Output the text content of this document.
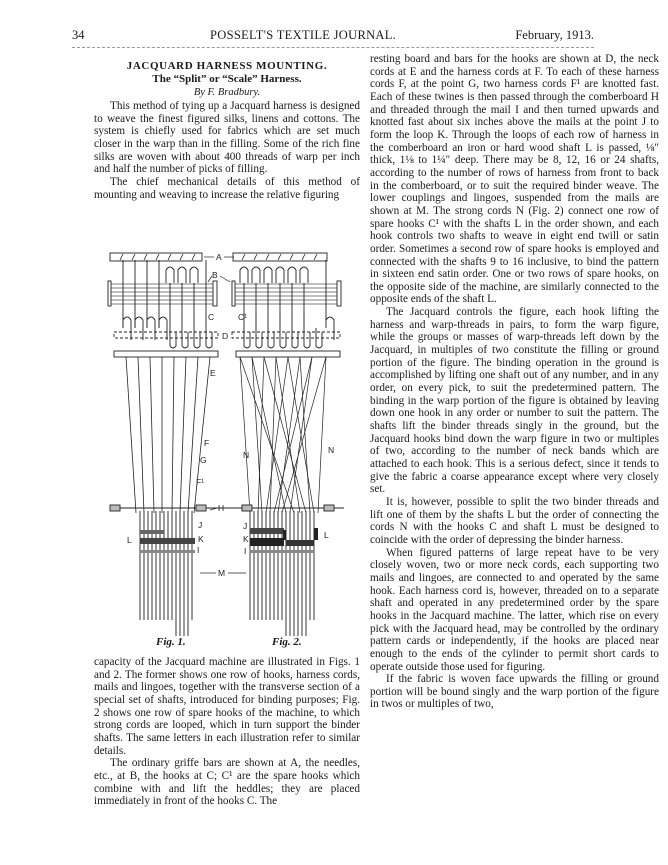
34	POSSELT'S TEXTILE JOURNAL.	February, 1913.

JACQUARD HARNESS MOUNTING.

The “Split” or “Scale” Harness.

By F. Bradbury.

This method of tying up a Jacquard harness is designed to weave the finest figured silks, linens and cottons. The system is chiefly used for fabrics which are set much closer in the warp than in the filling. Some of the rich fine silks are woven with about 400 threads of warp per inch and half the number of picks of filling.

The chief mechanical details of this method of mounting and weaving to increase the relative figuring

A
B
C	C¹
D
E
F
G
F¹
N	N
H
J
K
I
L
M
J
K
I
L
Fig. 1.	Fig. 2.

capacity of the Jacquard machine are illustrated in Figs. 1 and 2. The former shows one row of hooks, harness cords, mails and lingoes, together with the transverse section of a special set of shafts, introduced for binding purposes; Fig. 2 shows one row of spare hooks of the machine, to which strong cords are looped, which in turn support the binder shafts. The same letters in each illustration refer to similar details.

The ordinary griffe bars are shown at A, the needles, etc., at B, the hooks at C; C¹ are the spare hooks which combine with and lift the heddles; they are placed immediately in front of the hooks C. The

resting board and bars for the hooks are shown at D, the neck cords at E and the harness cords at F. To each of these harness cords F, at the point G, two harness cords F¹ are knotted fast. Each of these twines is then passed through the comberboard H and threaded through the mail I and then turned upwards and knotted fast about six inches above the mails at the point J to form the loop K. Through the loops of each row of harness in the comberboard an iron or hard wood shaft L is passed, ⅛″ thick, 1⅛ to 1¼″ deep. There may be 8, 12, 16 or 24 shafts, according to the number of rows of harness from front to back in the comberboard, or to suit the required binder weave. The lower couplings and lingoes, suspended from the mails are shown at M. The strong cords N (Fig. 2) connect one row of spare hooks C¹ with the shafts L in the order shown, and each hook controls two shafts to weave in eight end twill or satin order. Sometimes a second row of spare hooks is employed and connected with the shafts 9 to 16 inclusive, to bind the pattern in sixteen end satin order. One or two rows of spare hooks, on the opposite side of the machine, are similarly connected to the opposite ends of the shaft L.

The Jacquard controls the figure, each hook lifting the harness and warp-threads in pairs, to form the warp figure, while the groups or masses of warp-threads left down by the Jacquard, in multiples of two constitute the filling or ground portion of the figure. The binding operation in the ground is accomplished by lifting one shaft out of any number, and in any order, on every pick, to suit the predetermined pattern. The binding in the warp portion of the figure is obtained by leaving down one hook in any order or number to suit the pattern. The shafts lift the binder threads singly in the ground, but the Jacquard hooks bind down the warp figure in two or multiples of two, according to the number of neck bands which are attached to each hook. This is a serious defect, since it tends to give the fabric a coarse appearance except where very closely set.

It is, however, possible to split the two binder threads and lift one of them by the shafts L but the order of connecting the cords N with the hooks C and shaft L must be designed to coincide with the order of depressing the binder harness.

When figured patterns of large repeat have to be very closely woven, two or more neck cords, each supporting two mails and lingoes, are connected to and operated by the same hook. Each harness cord is, however, threaded on to a separate shaft and operated in any predetermined order by the spare hooks in the Jacquard machine. The latter, which rise on every pick with the Jacquard head, may be controlled by the ordinary pattern cards or independently, if the hooks are placed near enough to the ends of the cylinder to permit short cards to operate outside those used for figuring.

If the fabric is woven face upwards the filling or ground portion will be bound singly and the warp portion of the figure in twos or multiples of two,
